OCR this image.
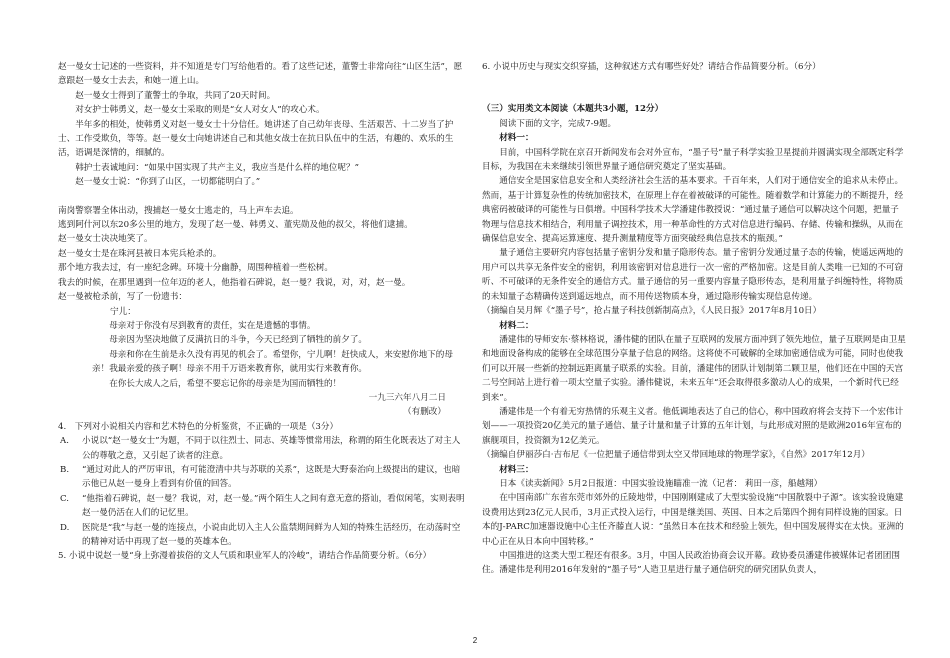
赵一曼女士记述的一些资料，并不知道是专门写给他看的。看了这些记述，董警士非常向往“山区生活”，愿意跟赵一曼女士去去，和她一道上山。

赵一曼女士得到了董警士的争取，共同了20天时间。

对女护士韩勇义，赵一曼女士采取的则是“女人对女人”的攻心术。

半年多的相处，使韩勇义对赵一曼女士十分信任。她讲述了自己幼年丧母、生活艰苦、十二岁当了护士、工作受欺负，等等。赵一曼女士向她讲述自己和其他女战士在抗日队伍中的生活，有趣的、欢乐的生活，语调是深情的，细腻的。

韩护士表诚地问：“如果中国实现了共产主义，我应当是什么样的地位呢？”

赵一曼女士说：“你到了山区，一切都能明白了。”

南岗警察署全体出动，搜捕赵一曼女士逃走的，马上声车去追。

逃到阿什河以东20多公里的地方，发现了赵一曼、韩勇义、董宪勋及他的叔父，将他们逮捕。

赵一曼女士决决地笑了。

赵一曼女士是在珠河县被日本宪兵枪杀的。

那个地方我去过，有一座纪念碑。环境十分幽静，周围种植着一些松树。

我去的时候，在那里遇到一位年迈的老人，他指着石碑说，赵一曼？我说，对，对，赵一曼。

赵一曼被枪杀前，写了一份遗书：

宁儿：

母亲对于你没有尽到教育的责任，实在是遗憾的事情。

母亲因为坚决地做了反满抗日的斗争，今天已经到了牺牲的前夕了。

母亲和你在生前是永久没有再见的机会了。希望你，宁儿啊！赶快成人，来安慰你地下的母亲！我最亲爱的孩子啊！母亲不用千万语来教育你，就用实行来教育你。

在你长大成人之后，希望不要忘记你的母亲是为国而牺牲的！

一九三六年八月二日

（有删改）

4.　下列对小说相关内容和艺术特色的分析鉴赏，不正确的一项是（3分）

A.	小说以“赵一曼女士”为题，不同于以往烈士、同志、英雄等惯常用法，称谓的陌生化既表达了对主人公的尊敬之意，又引起了读者的注意。
B.	“通过对此人的严厉审讯，有可能澄清中共与苏联的关系”，这既是大野泰治向上级提出的建议，也暗示他已从赵一曼身上看到有价值的回答。
C.	“他指着石碑说，赵一曼？我说，对，赵一曼。”两个陌生人之间有意无意的搭讪，看似闲笔，实则表明赵一曼仍活在人们的记忆里。
D.	医院是“我”与赵一曼的连接点，小说由此切入主人公监禁期间鲜为人知的特殊生活经历，在动荡时空的精神对话中再现了赵一曼的英雄本色。

5. 小说中说赵一曼“身上弥漫着拔俗的文人气质和职业军人的冷峻”，请结合作品简要分析。（6分）

6. 小说中历史与现实交织穿插，这种叙述方式有哪些好处？请结合作品简要分析。（6分）

（三）实用类文本阅读（本题共3小题，12分）

阅读下面的文字，完成7-9题。

材料一：

目前，中国科学院在京召开新闻发布会对外宣布，“墨子号”量子科学实验卫星提前并圆满实现全部既定科学目标，为我国在未来继续引领世界量子通信研究奠定了坚实基础。

通信安全是国家信息安全和人类经济社会生活的基本要求。千百年来，人们对于通信安全的追求从未停止。然而，基于计算复杂性的传统加密技术，在原理上存在着被破译的可能性。随着数学和计算能力的不断提升，经典密码被破译的可能性与日俱增。中国科学技术大学潘建伟教授说：“通过量子通信可以解决这个问题，把量子物理与信息技术相结合，利用量子调控技术，用一种革命性的方式对信息进行编码、存储、传输和操纵，从而在确保信息安全、提高运算速度、提升测量精度等方面突破经典信息技术的瓶颈。”

量子通信主要研究内容包括量子密钥分发和量子隐形传态。量子密钥分发通过量子态的传输，使遥远两地的用户可以共享无条件安全的密钥，利用该密钥对信息进行一次一密的严格加密。这是目前人类唯一已知的不可窃听、不可破译的无条件安全的通信方式。量子通信的另一重要内容量子隐形传态，是利用量子纠缠特性，将物质的未知量子态精确传送到遥远地点，而不用传送物质本身，通过隐形传输实现信息传递。

（摘编自吴月辉《“墨子号”，抢占量子科技创新制高点》，《人民日报》2017年8月10日）

材料二：

潘建伟的导师安东·蔡林格说，潘伟健的团队在量子互联网的发展方面冲到了领先地位，量子互联网是由卫星和地面设备构成的能够在全球范围分享量子信息的网络。这将使不可破解的全球加密通信成为可能，同时也使我们可以开展一些新的控制远距离量子联系的实验。目前，潘建伟的团队计划制第二颗卫星，他们还在中国的天宫二号空间站上进行着一项太空量子实验。潘伟健说，未来五年“还会取得很多激动人心的成果，一个新时代已经到来”。

潘建伟是一个有着无穷热情的乐观主义者。他低调地表达了自己的信心，称中国政府将会支持下一个宏伟计划——一项投资20亿美元的量子通信、量子计量和量子计算的五年计划，与此形成对照的是欧洲2016年宣布的旗舰项目，投资额为12亿美元。

（摘编自伊丽莎白·吉布尼《一位把量子通信带到太空又带回地球的物理学家》，《自然》2017年12月）

材料三：

日本《读卖新闻》5月2日报道：中国实验设施瞄准一流（记者： 莉田一彦，船越翔）

在中国南部广东省东莞市郊外的丘陵地带，中国刚刚建成了大型实验设施“中国散裂中子源”。该实验设施建设费用达到23亿元人民币，3月正式投入运行，中国是继美国、英国、日本之后第四个拥有同样设施的国家。日本的J-PARC加速器设施中心主任齐藤直人说：“虽然日本在技术和经验上领先，但中国发展得实在太快。亚洲的中心正在从日本向中国转移。”

中国推进的这类大型工程还有很多。3月，中国人民政治协商会议开幕。政协委员潘建伟被媒体记者团团围住。潘建伟是利用2016年发射的“墨子号”人造卫星进行量子通信研究的研究团队负责人，

2
